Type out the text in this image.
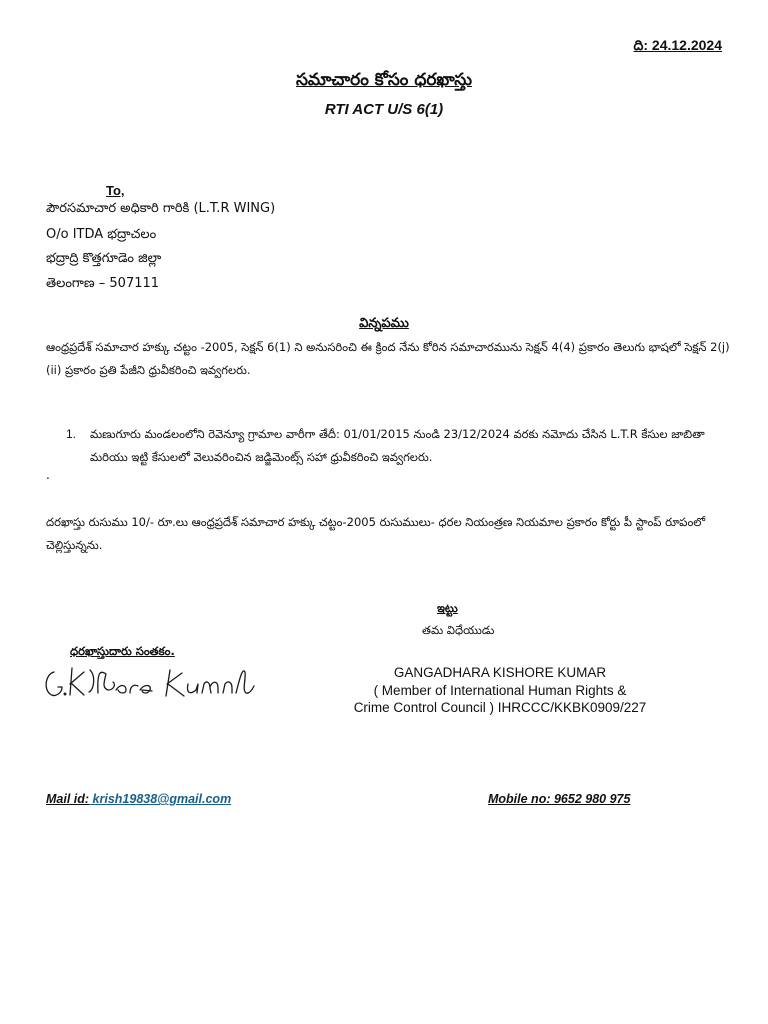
ది: 24.12.2024
సమాచారం కోసం ధరఖాస్తు
RTI ACT U/S 6(1)
To,
పౌరసమాచార అధికారి గారికి (L.T.R WING)
O/o ITDA భద్రాచలం
భద్రాద్రి కొత్తగూడెం జిల్లా
తెలంగాణ – 507111
విన్నపము
ఆంధ్రప్రదేశ్ సమాచార హక్కు చట్టం -2005, సెక్షన్ 6(1) ని అనుసరించి ఈ క్రింద నేను కోరిన సమాచారమును సెక్షన్ 4(4) ప్రకారం తెలుగు భాషలో సెక్షన్ 2(j)(ii) ప్రకారం ప్రతి పేజీని ధ్రువీకరించి ఇవ్వగలరు.
1. మణుగూరు మండలంలోని రెవెన్యూ గ్రామాల వారీగా తేదీ: 01/01/2015 నుండి 23/12/2024 వరకు నమోదు చేసిన L.T.R కేసుల జాబితా మరియు ఇట్టి కేసులలో వెలువరించిన జడ్జిమెంట్స్ సహా ధ్రువీకరించి ఇవ్వగలరు.
.
దరఖాస్తు రుసుము 10/- రూ.లు ఆంధ్రప్రదేశ్ సమాచార హక్కు చట్టం-2005 రుసుములు- ధరల నియంత్రణ నియమాల ప్రకారం కోర్టు పీ స్టాంప్ రూపంలో చెల్లిస్తున్నను.
ఇట్టు
తమ విధేయుడు
ధరఖాస్తుదారు సంతకం.
GANGADHARA KISHORE KUMAR
( Member of International Human Rights &
Crime Control Council ) IHRCCC/KKBK0909/227
Mail id: krish19838@gmail.com	Mobile no: 9652 980 975
